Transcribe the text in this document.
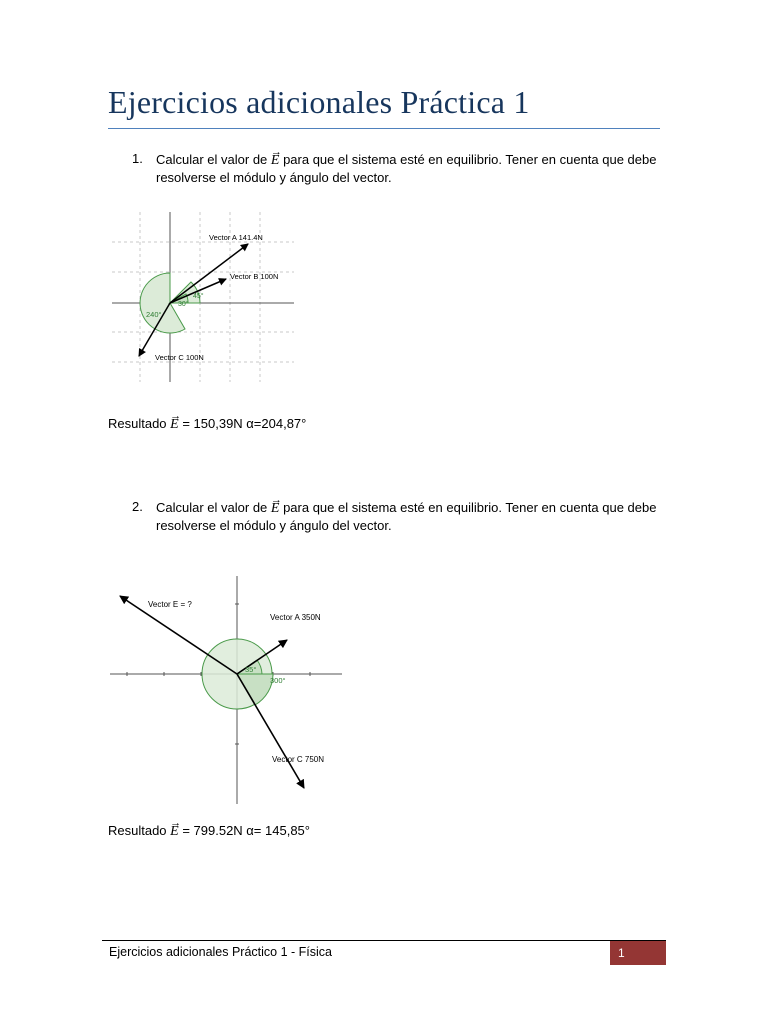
Ejercicios adicionales Práctica 1
1. Calcular el valor de → E para que el sistema esté en equilibrio. Tener en cuenta que debe resolverse el módulo y ángulo del vector.
Vector A 141.4N
Vector B 100N
Vector C 100N
240°
30°
45°
Resultado → E = 150,39N α=204,87°
2. Calcular el valor de → E para que el sistema esté en equilibrio. Tener en cuenta que debe resolverse el módulo y ángulo del vector.
Vector E = ?
Vector A 350N
Vector C 750N
35°
300°
Resultado → E = 799.52N α= 145,85°
Ejercicios adicionales Práctico 1 - Física	1
